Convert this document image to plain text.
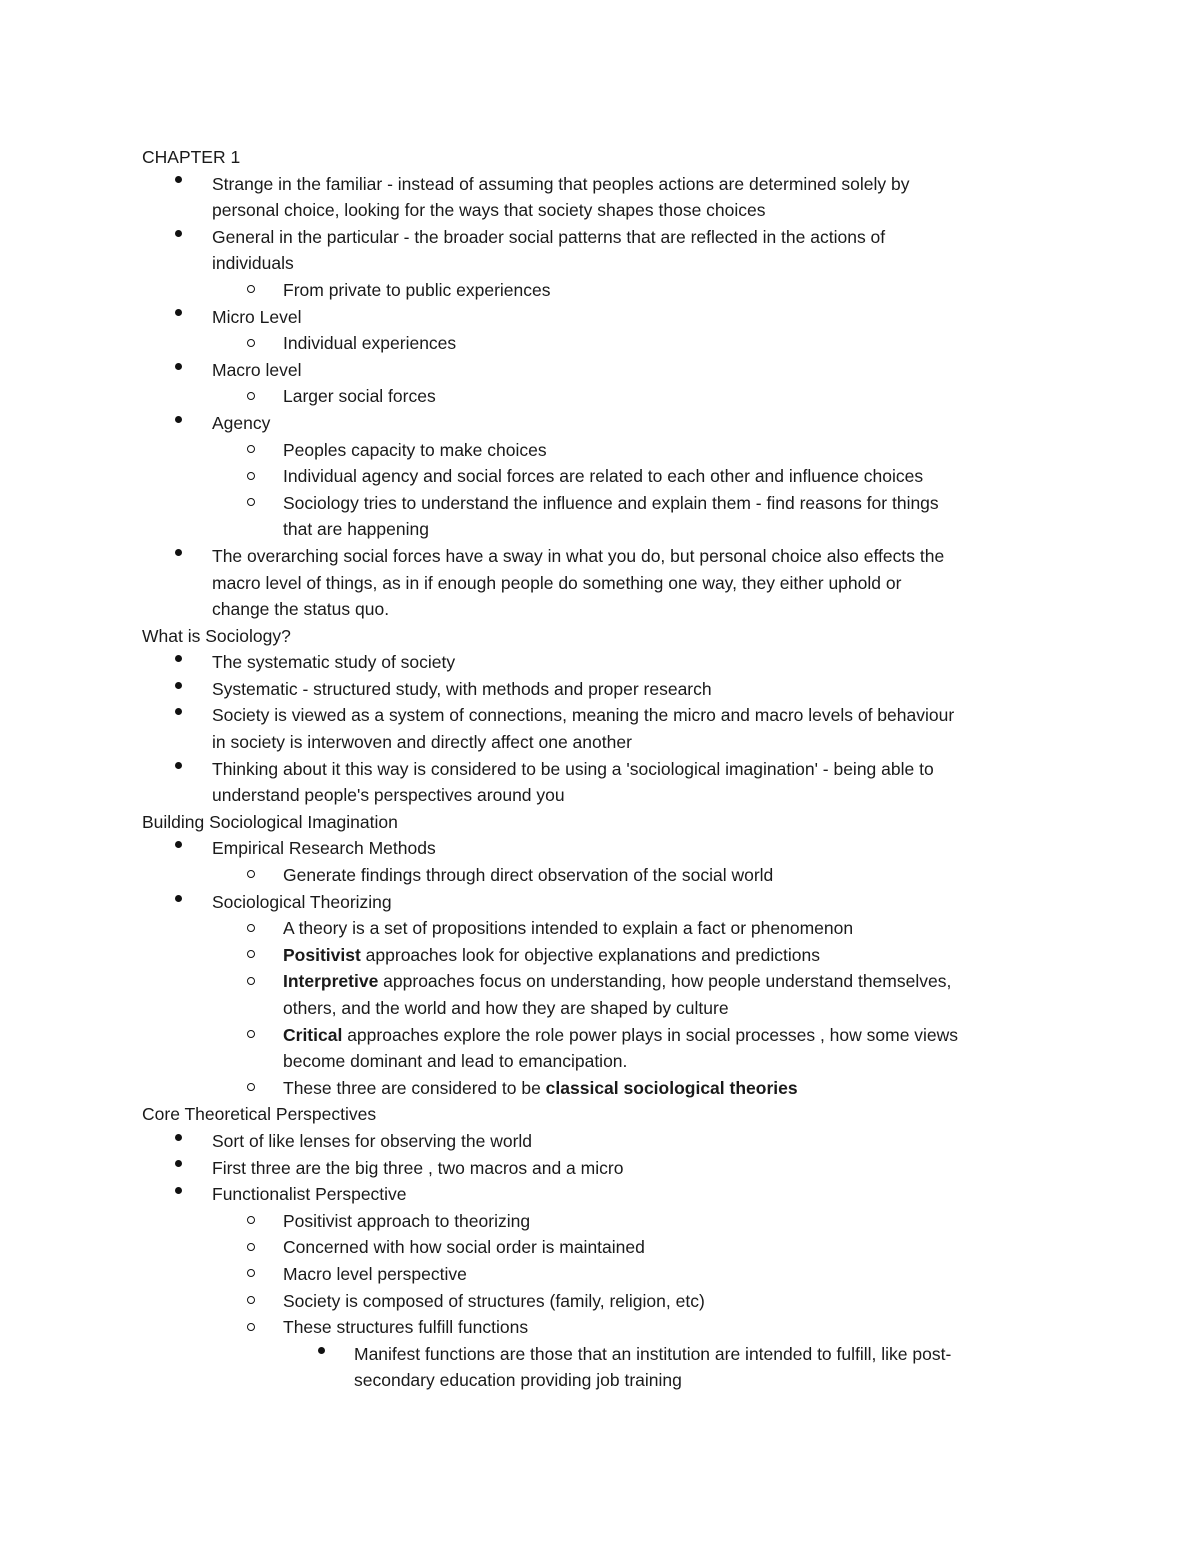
CHAPTER 1
Strange in the familiar - instead of assuming that peoples actions are determined solely by
personal choice, looking for the ways that society shapes those choices
General in the particular - the broader social patterns that are reflected in the actions of
individuals
From private to public experiences
Micro Level
Individual experiences
Macro level
Larger social forces
Agency
Peoples capacity to make choices
Individual agency and social forces are related to each other and influence choices
Sociology tries to understand the influence and explain them - find reasons for things
that are happening
The overarching social forces have a sway in what you do, but personal choice also effects the
macro level of things, as in if enough people do something one way, they either uphold or
change the status quo.
What is Sociology?
The systematic study of society
Systematic - structured study, with methods and proper research
Society is viewed as a system of connections, meaning the micro and macro levels of behaviour
in society is interwoven and directly affect one another
Thinking about it this way is considered to be using a 'sociological imagination' - being able to
understand people's perspectives around you
Building Sociological Imagination
Empirical Research Methods
Generate findings through direct observation of the social world
Sociological Theorizing
A theory is a set of propositions intended to explain a fact or phenomenon
Positivist approaches look for objective explanations and predictions
Interpretive approaches focus on understanding, how people understand themselves,
others, and the world and how they are shaped by culture
Critical approaches explore the role power plays in social processes , how some views
become dominant and lead to emancipation.
These three are considered to be classical sociological theories
Core Theoretical Perspectives
Sort of like lenses for observing the world
First three are the big three , two macros and a micro
Functionalist Perspective
Positivist approach to theorizing
Concerned with how social order is maintained
Macro level perspective
Society is composed of structures (family, religion, etc)
These structures fulfill functions
Manifest functions are those that an institution are intended to fulfill, like post-
secondary education providing job training
